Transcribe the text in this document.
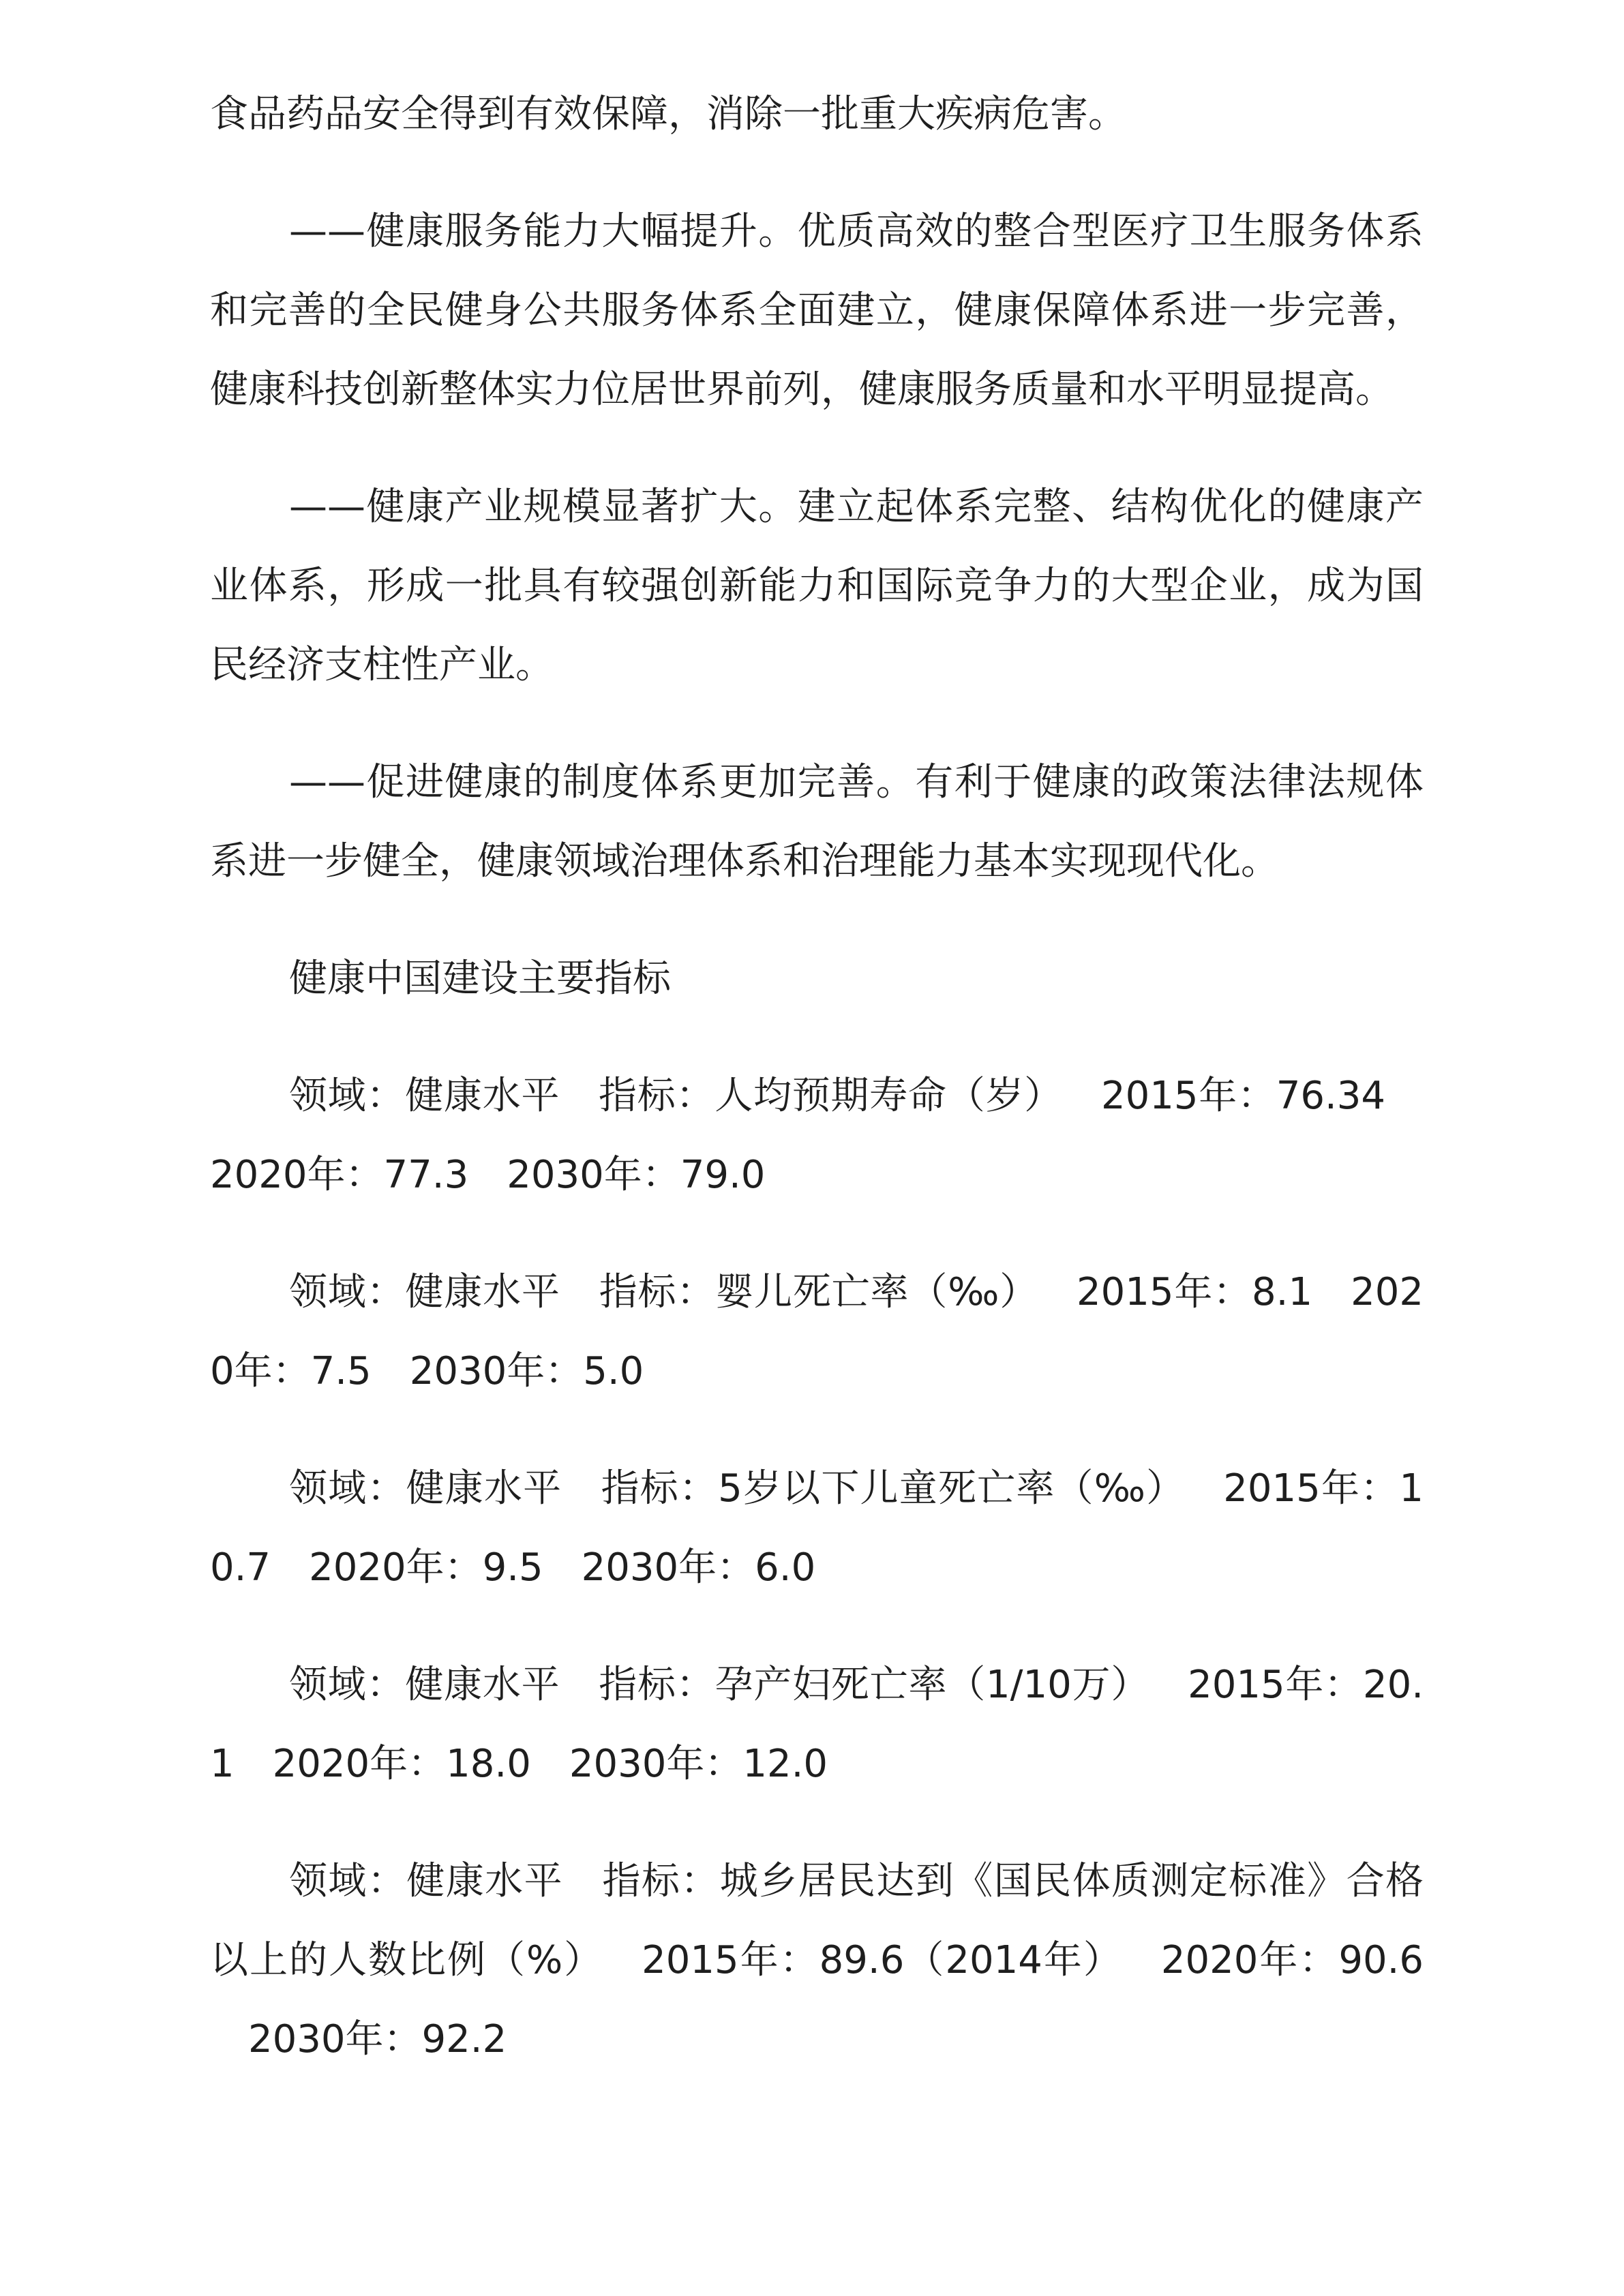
食品药品安全得到有效保障，消除一批重大疾病危害。

——健康服务能力大幅提升。优质高效的整合型医疗卫生服务体系和完善的全民健身公共服务体系全面建立，健康保障体系进一步完善，健康科技创新整体实力位居世界前列，健康服务质量和水平明显提高。

——健康产业规模显著扩大。建立起体系完整、结构优化的健康产业体系，形成一批具有较强创新能力和国际竞争力的大型企业，成为国民经济支柱性产业。

——促进健康的制度体系更加完善。有利于健康的政策法律法规体系进一步健全，健康领域治理体系和治理能力基本实现现代化。

健康中国建设主要指标

领域：健康水平 指标：人均预期寿命（岁） 2015年：76.342020年：77.3 2030年：79.0

领域：健康水平 指标：婴儿死亡率（‰） 2015年：8.1 2020年：7.5 2030年：5.0

领域：健康水平 指标：5岁以下儿童死亡率（‰） 2015年：10.7 2020年：9.5 2030年：6.0

领域：健康水平 指标：孕产妇死亡率（1/10万） 2015年：20.1 2020年：18.0 2030年：12.0

领域：健康水平 指标：城乡居民达到《国民体质测定标准》合格以上的人数比例（%） 2015年：89.6（2014年） 2020年：90.62030年：92.2
